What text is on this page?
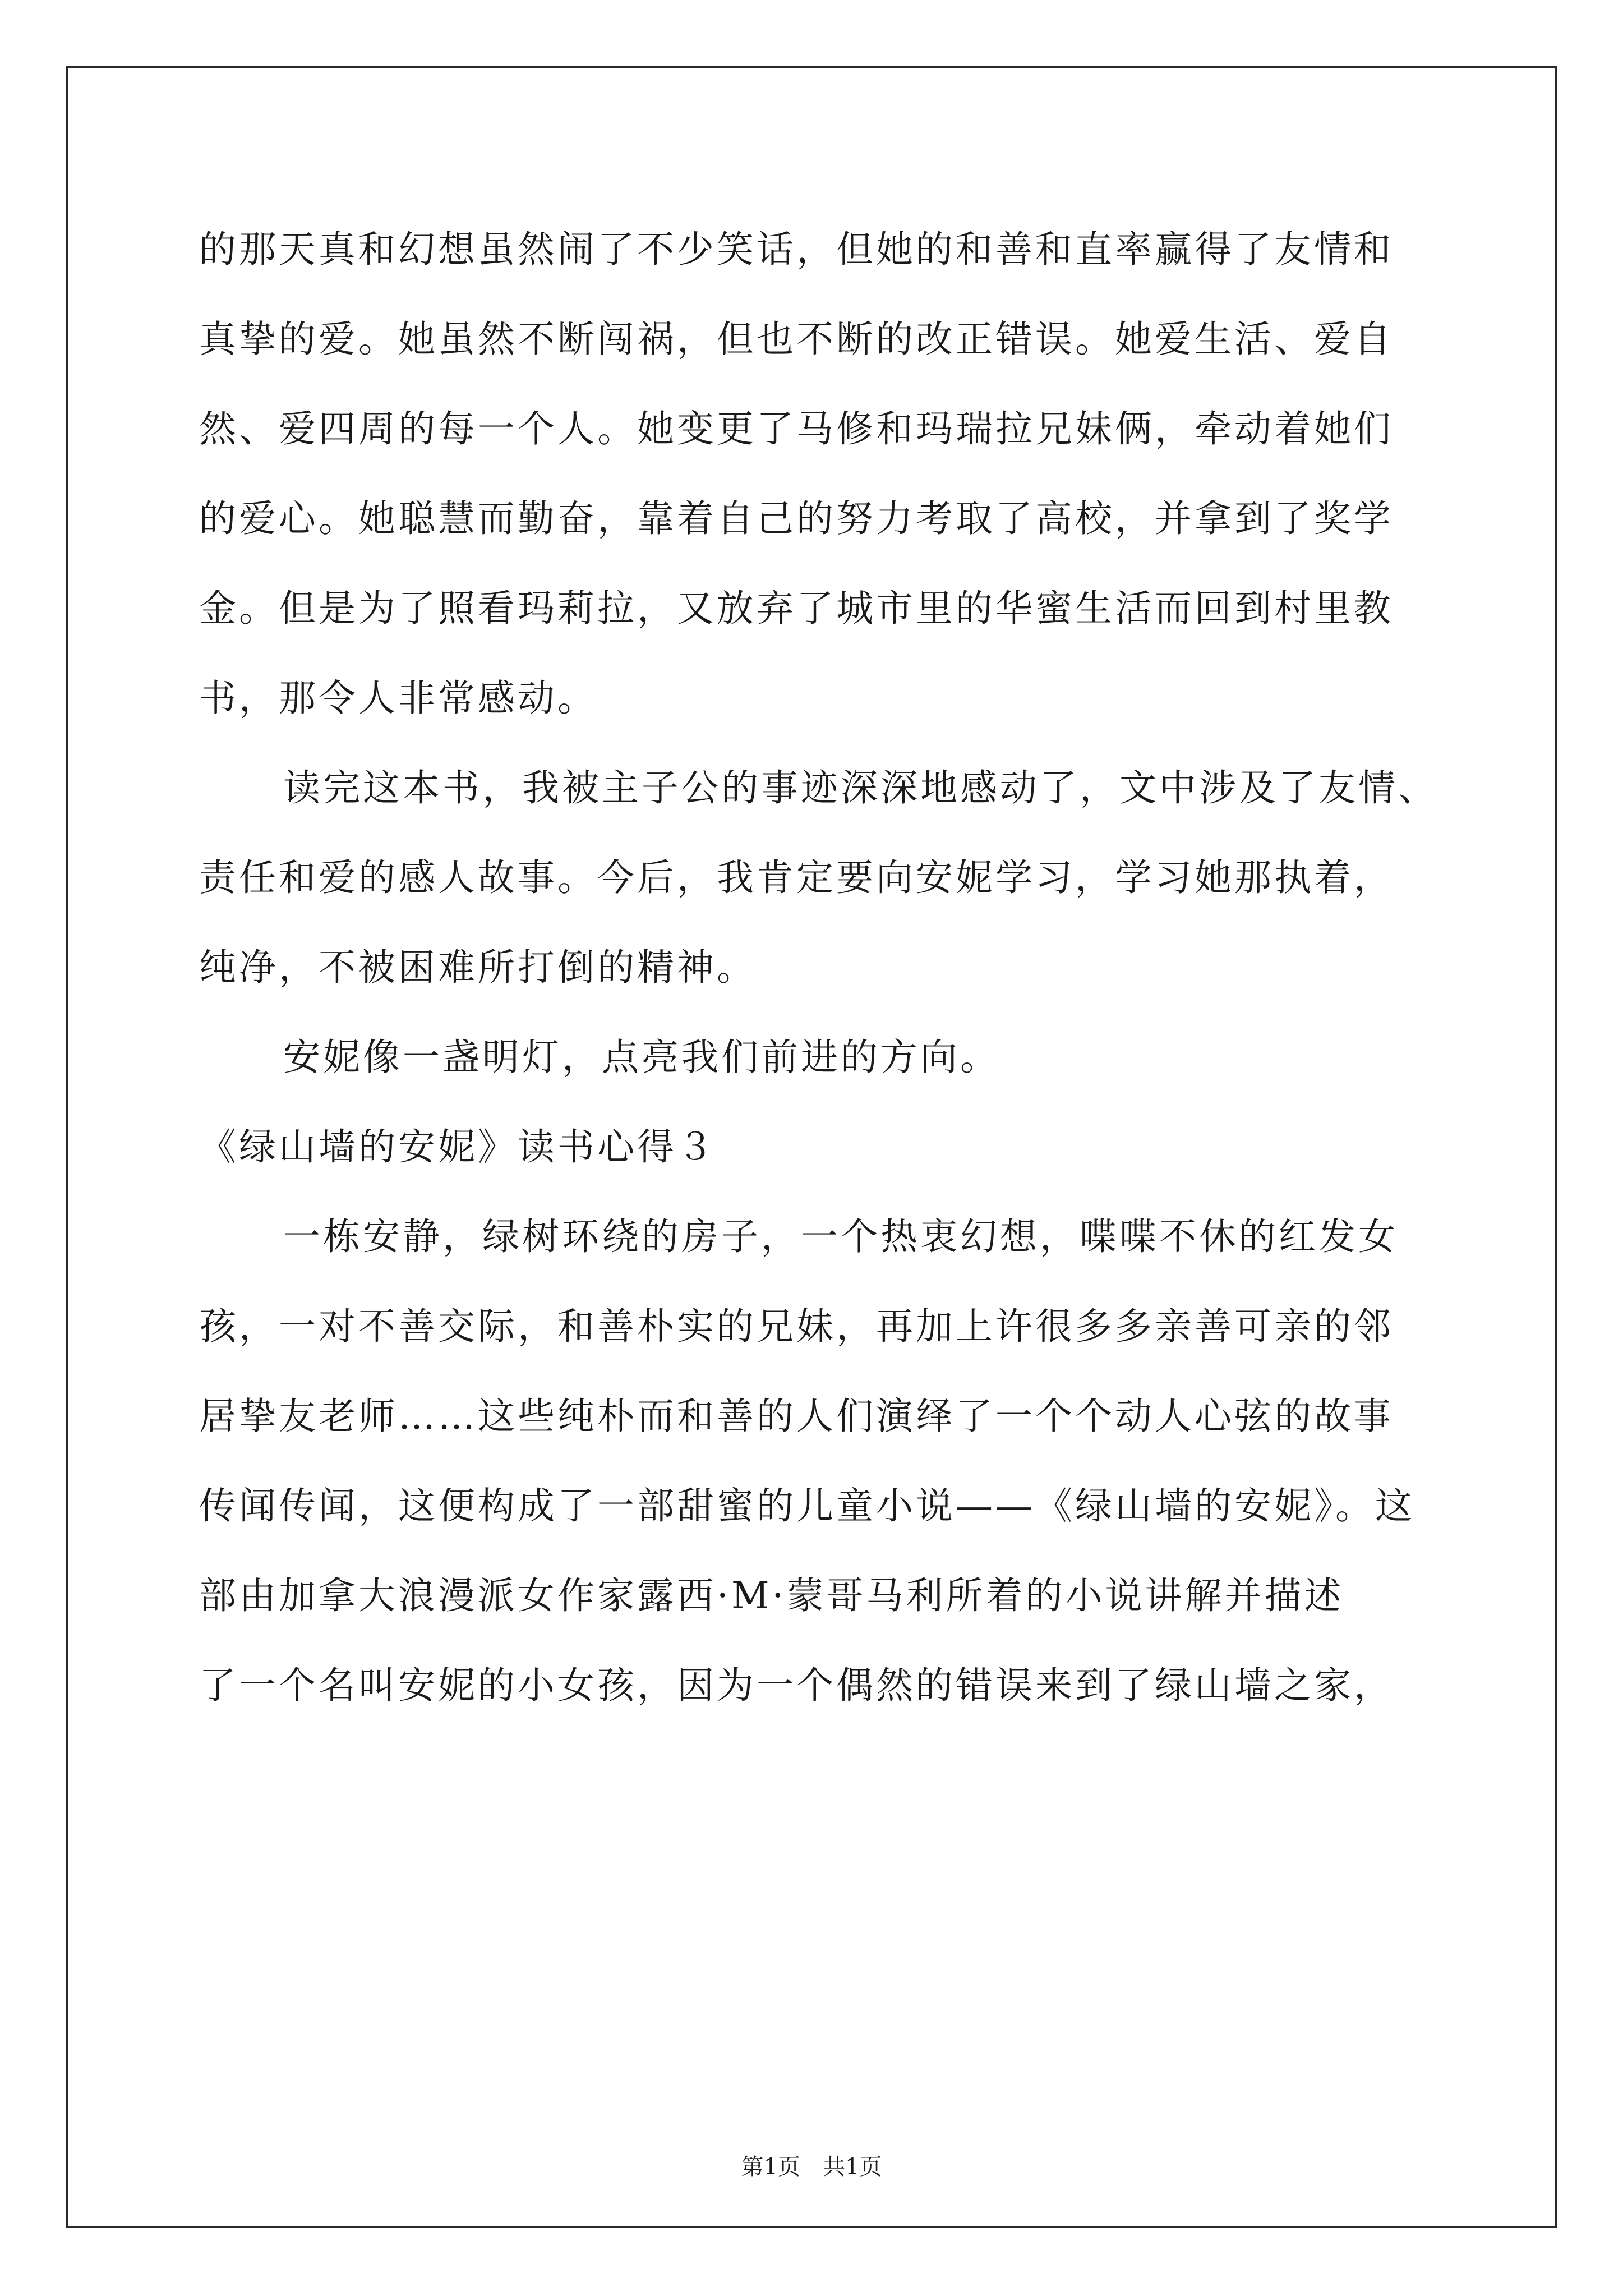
的那天真和幻想虽然闹了不少笑话，但她的和善和直率赢得了友情和
真挚的爱。她虽然不断闯祸，但也不断的改正错误。她爱生活、爱自
然、爱四周的每一个人。她变更了马修和玛瑞拉兄妹俩，牵动着她们
的爱心。她聪慧而勤奋，靠着自己的努力考取了高校，并拿到了奖学
金。但是为了照看玛莉拉，又放弃了城市里的华蜜生活而回到村里教
书，那令人非常感动。
读完这本书，我被主子公的事迹深深地感动了，文中涉及了友情、
责任和爱的感人故事。今后，我肯定要向安妮学习，学习她那执着，
纯净，不被困难所打倒的精神。
安妮像一盏明灯，点亮我们前进的方向。
《绿山墙的安妮》读书心得３
一栋安静，绿树环绕的房子，一个热衷幻想，喋喋不休的红发女
孩，一对不善交际，和善朴实的兄妹，再加上许很多多亲善可亲的邻
居挚友老师……这些纯朴而和善的人们演绎了一个个动人心弦的故事
传闻传闻，这便构成了一部甜蜜的儿童小说——《绿山墙的安妮》。这
部由加拿大浪漫派女作家露西·M·蒙哥马利所着的小说讲解并描述
了一个名叫安妮的小女孩，因为一个偶然的错误来到了绿山墙之家，
第1页　共1页
